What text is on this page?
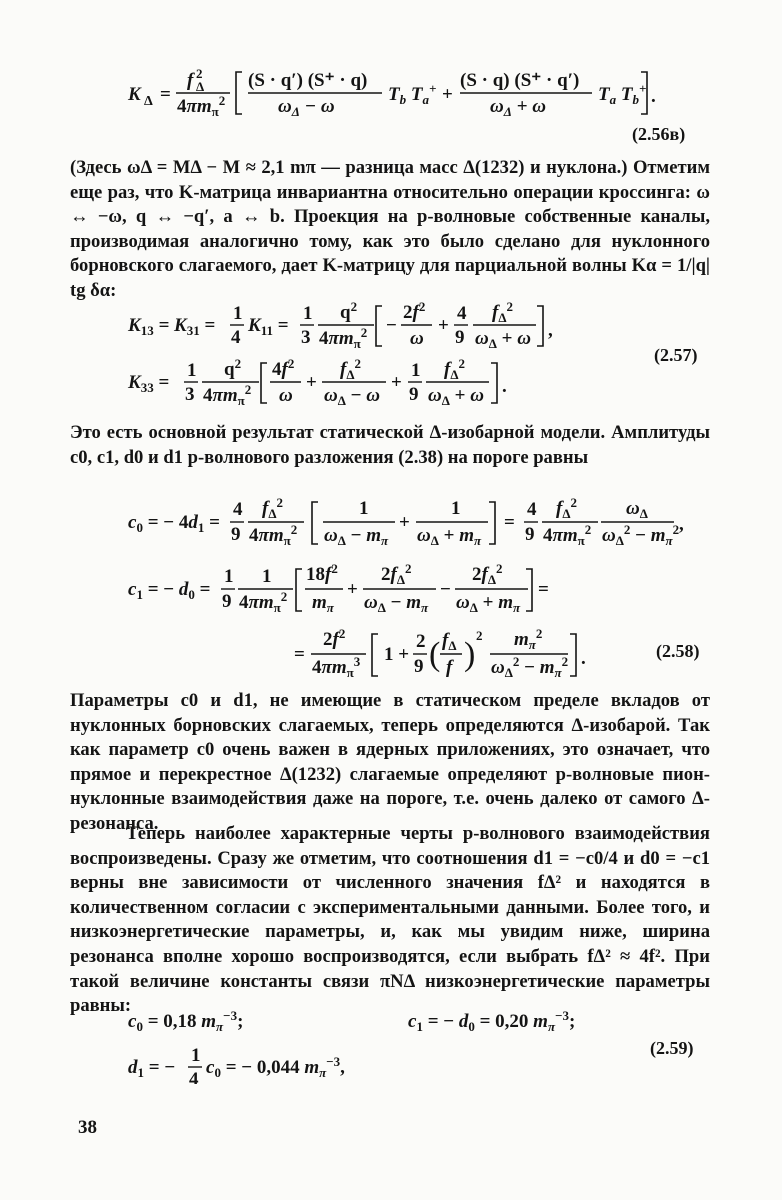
K Δ =
f 2
Δ
$4\pi m_\pi^2$
(S · q′) (S⁺ · q)
$\omega_\Delta - \omega$
$T_b$ $T_a^+$ +
(S · q) (S⁺ · q′)
$\omega_\Delta + \omega$
$T_a$ $T_b^+$ .
(2.56в)
(Здесь ωΔ = MΔ − M ≈ 2,1 mπ — разница масс Δ(1232) и нуклона.) Отметим еще раз, что K-матрица инвариантна относительно операции кроссинга: ω ↔ −ω, q ↔ −q′, a ↔ b. Проекция на p-волновые собственные каналы, производимая аналогично тому, как это было сделано для нуклонного борновского слагаемого, дает K-матрицу для парциальной волны Kα = 1/|q| tg δα:
$K_{13} = K_{31}$ =
1
4
$K_{11}$ =
1
3
$q^2$
$4\pi m_\pi^2$ −
$2f^2$
ω
+
4
9
$f_\Delta^2$
$\omega_\Delta + \omega$ ,
$K_{33}$ =
1
3
$q^2$
$4\pi m_\pi^2$
$4f^2$
ω
+
$f_\Delta^2$
$\omega_\Delta - \omega$
+
1
9
$f_\Delta^2$
$\omega_\Delta + \omega$ .
(2.57)
Это есть основной результат статической Δ-изобарной модели. Амплитуды c0, c1, d0 и d1 p-волнового разложения (2.38) на пороге равны
$c_0$ = − $4d_1$ =
4
9
$f_\Delta^2$
$4\pi m_\pi^2$
1
$\omega_\Delta - m_\pi$
+
1
$\omega_\Delta + m_\pi$
=
4
9
$f_\Delta^2$
$4\pi m_\pi^2$
$\omega_\Delta$
$\omega_\Delta^2 - m_\pi^2$ ,
$c_1$ = − $d_0$ =
1
9
1
$4\pi m_\pi^2$
$18f^2$
$m_\pi$
+
$2f_\Delta^2$
$\omega_\Delta - m_\pi$
−
$2f_\Delta^2$
$\omega_\Delta + m_\pi$
=
=
$2f^2$
$4\pi m_\pi^3$ 1 +
2
9 ( $f_\Delta$
f )
2 $m_\pi^2$
$\omega_\Delta^2 - m_\pi^2$ .	(2.58)
Параметры c0 и d1, не имеющие в статическом пределе вкладов от нуклонных борновских слагаемых, теперь определяются Δ-изобарой. Так как параметр c0 очень важен в ядерных приложениях, это означает, что прямое и перекрестное Δ(1232) слагаемые определяют p-волновые пион-нуклонные взаимодействия даже на пороге, т.е. очень далеко от самого Δ-резонанса.
Теперь наиболее характерные черты p-волнового взаимодействия воспроизведены. Сразу же отметим, что соотношения d1 = −c0/4 и d0 = −c1 верны вне зависимости от численного значения fΔ² и находятся в количественном согласии с экспериментальными данными. Более того, и низкоэнергетические параметры, и, как мы увидим ниже, ширина резонанса вполне хорошо воспроизводятся, если выбрать fΔ² ≈ 4f². При такой величине константы связи πNΔ низкоэнергетические параметры равны:
$c_0 = 0,18$ $m_\pi^{-3}$;	$c_1$ = − $d_0 = 0,20$ $m_\pi^{-3}$;
$d_1$ = −
1
4
$c_0$ = − 0,044 $m_\pi^{-3}$,
(2.59)
38
